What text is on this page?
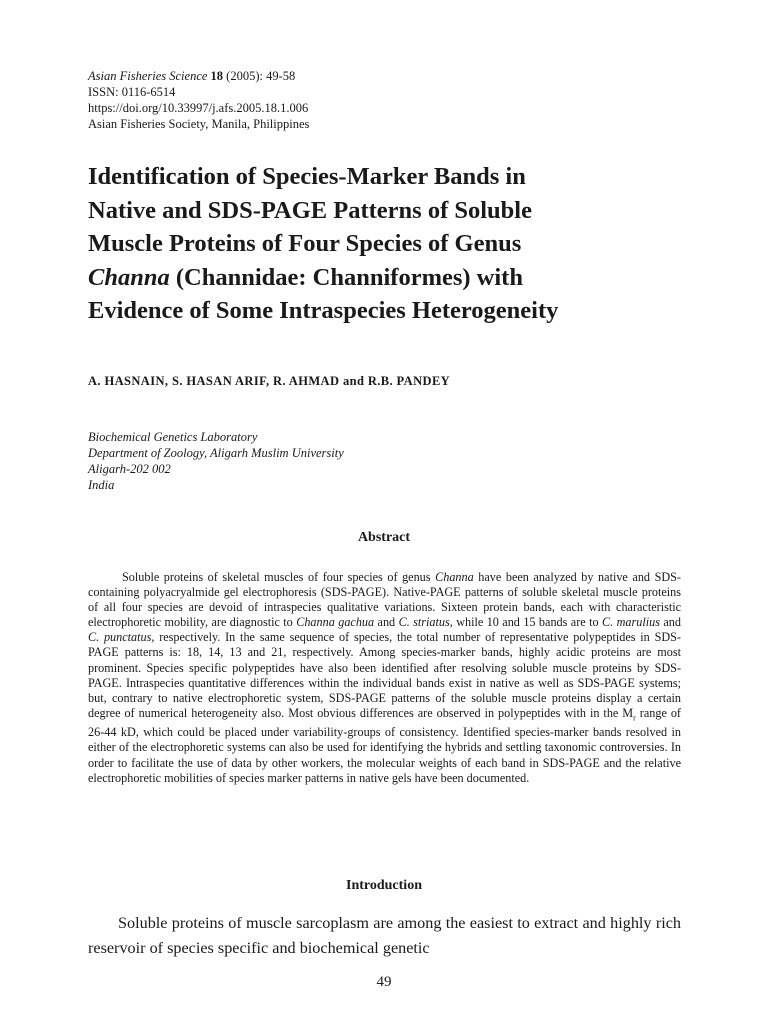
Asian Fisheries Science 18 (2005): 49-58
ISSN: 0116-6514
https://doi.org/10.33997/j.afs.2005.18.1.006
Asian Fisheries Society, Manila, Philippines
Identification of Species-Marker Bands in
Native and SDS-PAGE Patterns of Soluble
Muscle Proteins of Four Species of Genus
Channa (Channidae: Channiformes) with
Evidence of Some Intraspecies Heterogeneity
A. HASNAIN, S. HASAN ARIF, R. AHMAD and R.B. PANDEY
Biochemical Genetics Laboratory
Department of Zoology, Aligarh Muslim University
Aligarh-202 002
India
Abstract

Soluble proteins of skeletal muscles of four species of genus Channa have been analyzed by native and SDS-containing polyacryalmide gel electrophoresis (SDS-PAGE). Native-PAGE patterns of soluble skeletal muscle proteins of all four species are devoid of intraspecies qualitative variations. Sixteen protein bands, each with characteristic electrophoretic mobility, are diagnostic to Channa gachua and C. striatus, while 10 and 15 bands are to C. marulius and C. punctatus, respectively. In the same sequence of species, the total number of representative polypeptides in SDS-PAGE patterns is: 18, 14, 13 and 21, respectively. Among species-marker bands, highly acidic proteins are most prominent. Species specific polypeptides have also been identified after resolving soluble muscle proteins by SDS-PAGE. Intraspecies quantitative differences within the individual bands exist in native as well as SDS-PAGE systems; but, contrary to native electrophoretic system, SDS-PAGE patterns of the soluble muscle proteins display a certain degree of numerical heterogeneity also. Most obvious differences are observed in polypeptides with in the $M_r$ range of 26-44 kD, which could be placed under variability-groups of consistency. Identified species-marker bands resolved in either of the electrophoretic systems can also be used for identifying the hybrids and settling taxonomic controversies. In order to facilitate the use of data by other workers, the molecular weights of each band in SDS-PAGE and the relative electrophoretic mobilities of species marker patterns in native gels have been documented.

Introduction

Soluble proteins of muscle sarcoplasm are among the easiest to extract and highly rich reservoir of species specific and biochemical genetic

49
